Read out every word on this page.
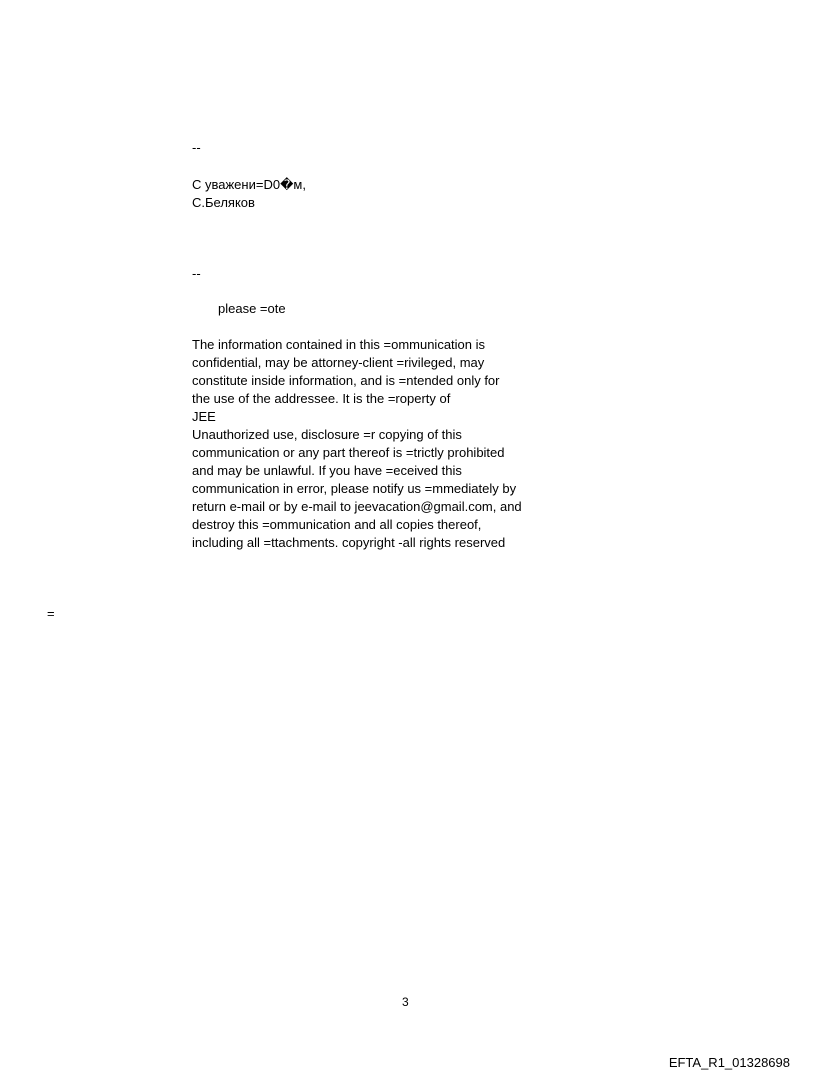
--
С уважени=D0�м,
С.Беляков
--
please =ote
The information contained in this =ommunication is
confidential, may be attorney-client =rivileged, may
constitute inside information, and is =ntended only for
the use of the addressee. It is the =roperty of
JEE
Unauthorized use, disclosure =r copying of this
communication or any part thereof is =trictly prohibited
and may be unlawful. If you have =eceived this
communication in error, please notify us =mmediately by
return e-mail or by e-mail to jeevacation@gmail.com, and
destroy this =ommunication and all copies thereof,
including all =ttachments. copyright -all rights reserved
=
3
EFTA_R1_01328698
